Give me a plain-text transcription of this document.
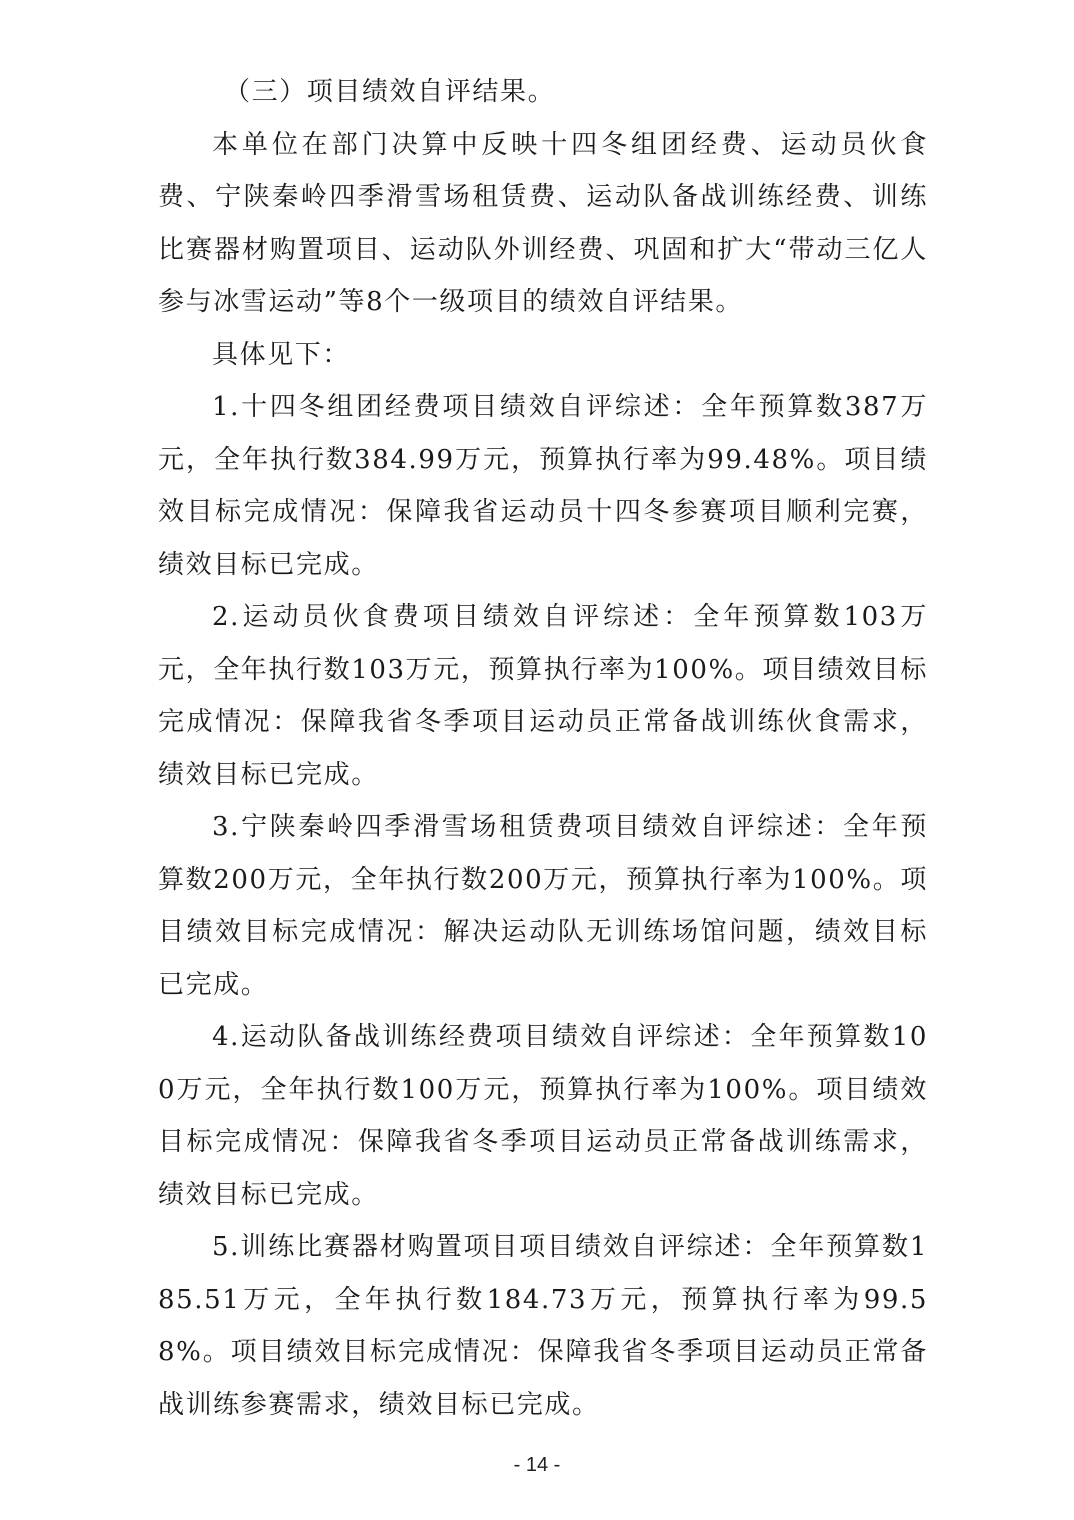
（三）项目绩效自评结果。

本单位在部门决算中反映十四冬组团经费、运动员伙食费、宁陕秦岭四季滑雪场租赁费、运动队备战训练经费、训练比赛器材购置项目、运动队外训经费、巩固和扩大“带动三亿人参与冰雪运动”等8个一级项目的绩效自评结果。

具体见下：

1.十四冬组团经费项目绩效自评综述：全年预算数387万元，全年执行数384.99万元，预算执行率为99.48%。项目绩效目标完成情况：保障我省运动员十四冬参赛项目顺利完赛，绩效目标已完成。

2.运动员伙食费项目绩效自评综述：全年预算数103万元，全年执行数103万元，预算执行率为100%。项目绩效目标完成情况：保障我省冬季项目运动员正常备战训练伙食需求，绩效目标已完成。

3.宁陕秦岭四季滑雪场租赁费项目绩效自评综述：全年预算数200万元，全年执行数200万元，预算执行率为100%。项目绩效目标完成情况：解决运动队无训练场馆问题，绩效目标已完成。

4.运动队备战训练经费项目绩效自评综述：全年预算数100万元，全年执行数100万元，预算执行率为100%。项目绩效目标完成情况：保障我省冬季项目运动员正常备战训练需求，绩效目标已完成。

5.训练比赛器材购置项目项目绩效自评综述：全年预算数185.51万元，全年执行数184.73万元，预算执行率为99.58%。项目绩效目标完成情况：保障我省冬季项目运动员正常备战训练参赛需求，绩效目标已完成。

- 14 -
